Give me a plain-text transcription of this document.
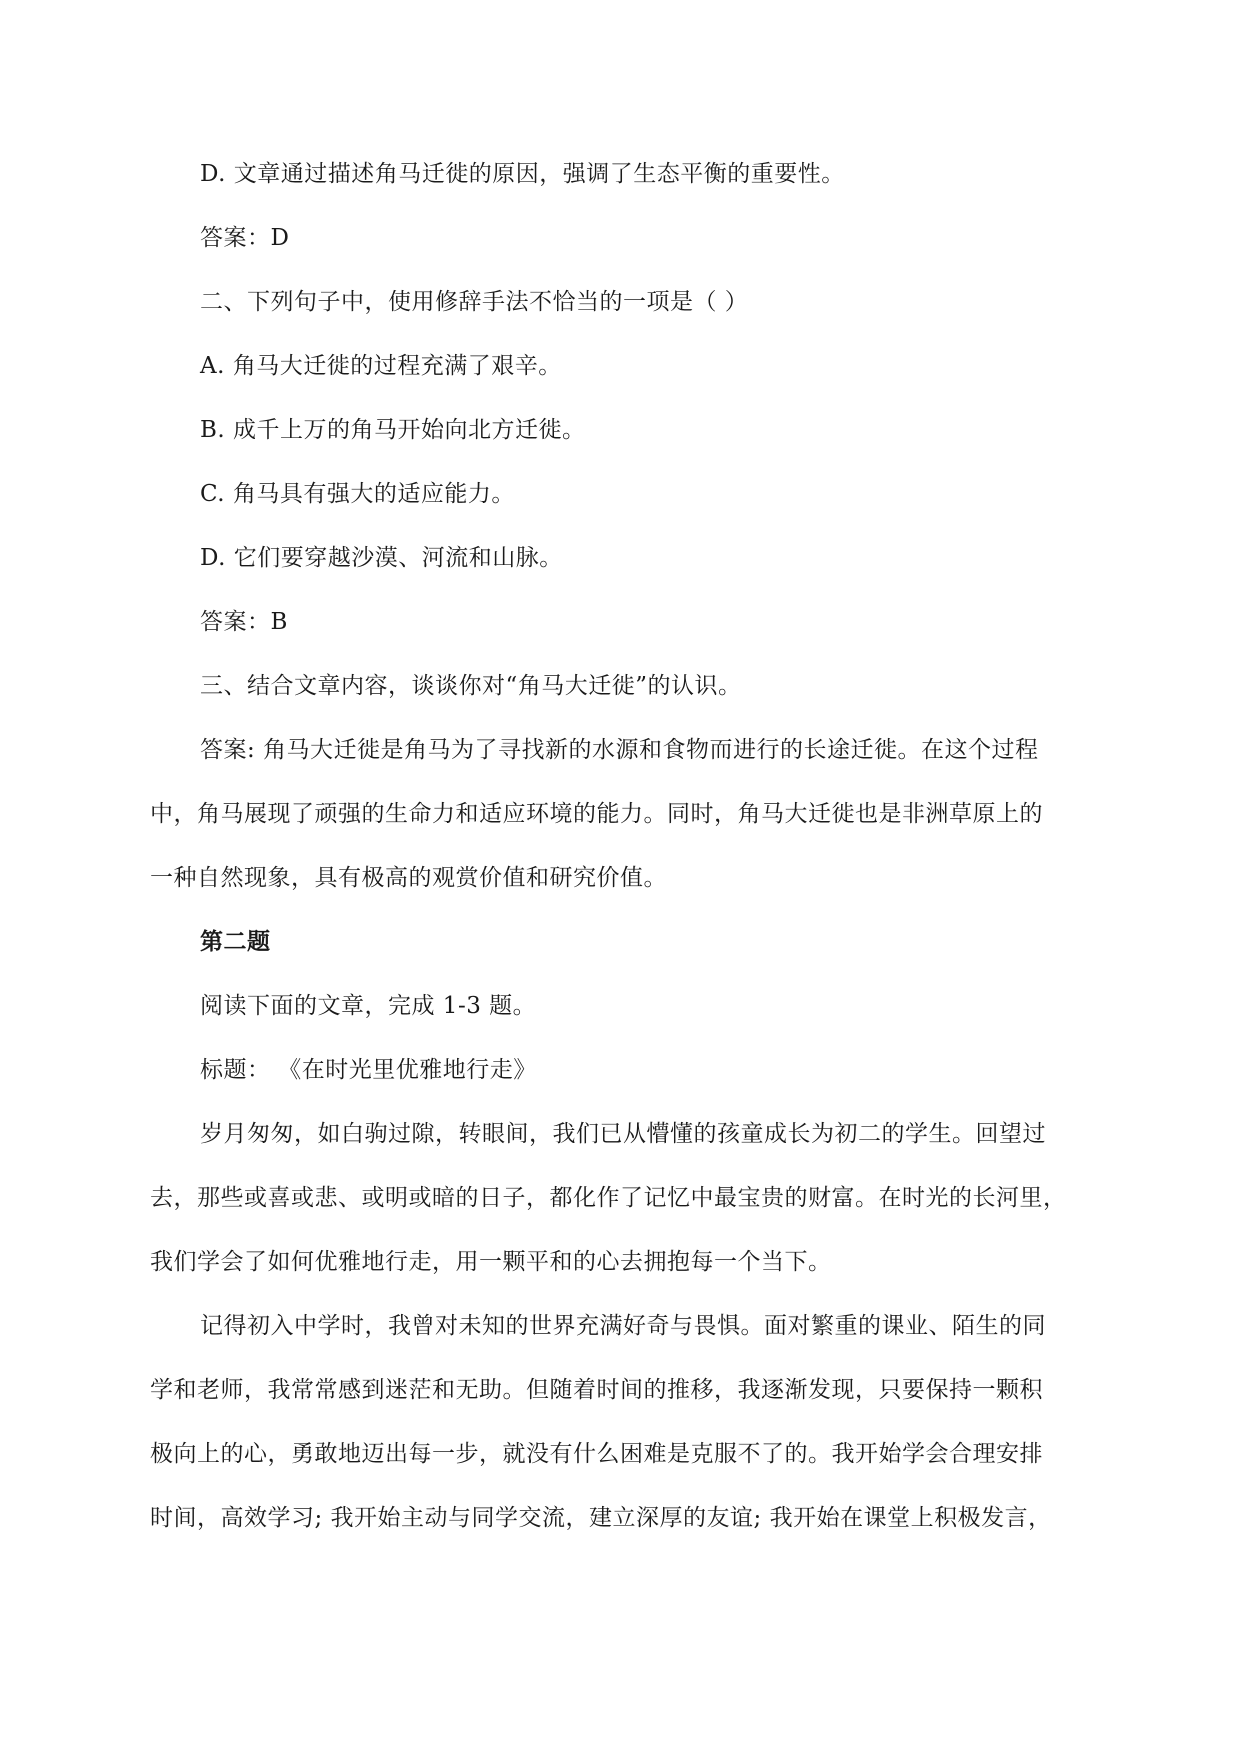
D. 文章通过描述角马迁徙的原因，强调了生态平衡的重要性。

答案：D

二、下列句子中，使用修辞手法不恰当的一项是（ ）

A. 角马大迁徙的过程充满了艰辛。

B. 成千上万的角马开始向北方迁徙。

C. 角马具有强大的适应能力。

D. 它们要穿越沙漠、河流和山脉。

答案：B

三、结合文章内容，谈谈你对“角马大迁徙”的认识。

答案: 角马大迁徙是角马为了寻找新的水源和食物而进行的长途迁徙。在这个过程
中，角马展现了顽强的生命力和适应环境的能力。同时，角马大迁徙也是非洲草原上的
一种自然现象，具有极高的观赏价值和研究价值。

第二题

阅读下面的文章，完成 1-3 题。

标题： 《在时光里优雅地行走》

岁月匆匆，如白驹过隙，转眼间，我们已从懵懂的孩童成长为初二的学生。回望过
去，那些或喜或悲、或明或暗的日子，都化作了记忆中最宝贵的财富。在时光的长河里，
我们学会了如何优雅地行走，用一颗平和的心去拥抱每一个当下。
记得初入中学时，我曾对未知的世界充满好奇与畏惧。面对繁重的课业、陌生的同
学和老师，我常常感到迷茫和无助。但随着时间的推移，我逐渐发现，只要保持一颗积
极向上的心，勇敢地迈出每一步，就没有什么困难是克服不了的。我开始学会合理安排
时间，高效学习; 我开始主动与同学交流，建立深厚的友谊; 我开始在课堂上积极发言，
